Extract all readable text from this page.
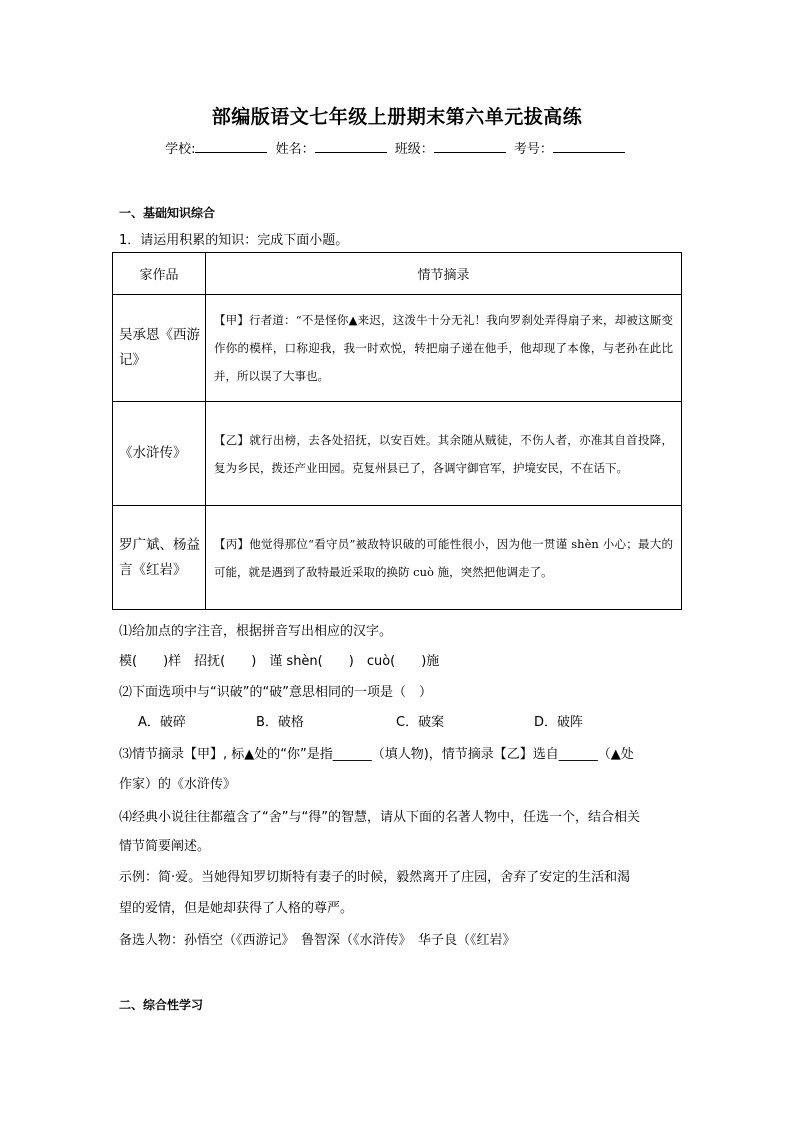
部编版语文七年级上册期末第六单元拔高练
学校:	姓名：	班级：	考号：
一、基础知识综合
1．请运用积累的知识：完成下面小题。
家作品	情节摘录
吴承恩《西游记》	【甲】行者道：“不是怪你▲来迟，这泼牛十分无礼！我向罗刹处弄得扇子来，却被这厮变作你的模样，口称迎我，我一时欢悦，转把扇子递在他手，他却现了本像，与老孙在此比并，所以误了大事也。
《水浒传》	【乙】就行出榜，去各处招抚，以安百姓。其余随从贼徒，不伤人者，亦准其自首投降，复为乡民，拨还产业田园。克复州县已了，各调守御官军，护境安民，不在话下。
罗广斌、杨益言《红岩》	【丙】他觉得那位“看守员”被敌特识破的可能性很小，因为他一贯谨 shèn 小心；最大的可能，就是遇到了敌特最近采取的换防 cuò 施，突然把他调走了。
⑴给加点的字注音，根据拼音写出相应的汉字。
模(　　)样　招抚(　　)　谨 shèn(　　)　cuò(　　)施
⑵下面选项中与“识破”的“破”意思相同的一项是（　）
A．破碎	B．破格	C．破案	D．破阵
⑶情节摘录【甲】, 标▲处的“你”是指______（填人物)，情节摘录【乙】选自______（▲处
作家）的《水浒传》
⑷经典小说往往都蕴含了“舍”与“得”的智慧，请从下面的名著人物中，任选一个，结合相关
情节简要阐述。
示例：简·爱。当她得知罗切斯特有妻子的时候，毅然离开了庄园，舍弃了安定的生活和渴
望的爱情，但是她却获得了人格的尊严。
备选人物：孙悟空（《西游记》　鲁智深（《水浒传》　华子良（《红岩》
二、综合性学习
